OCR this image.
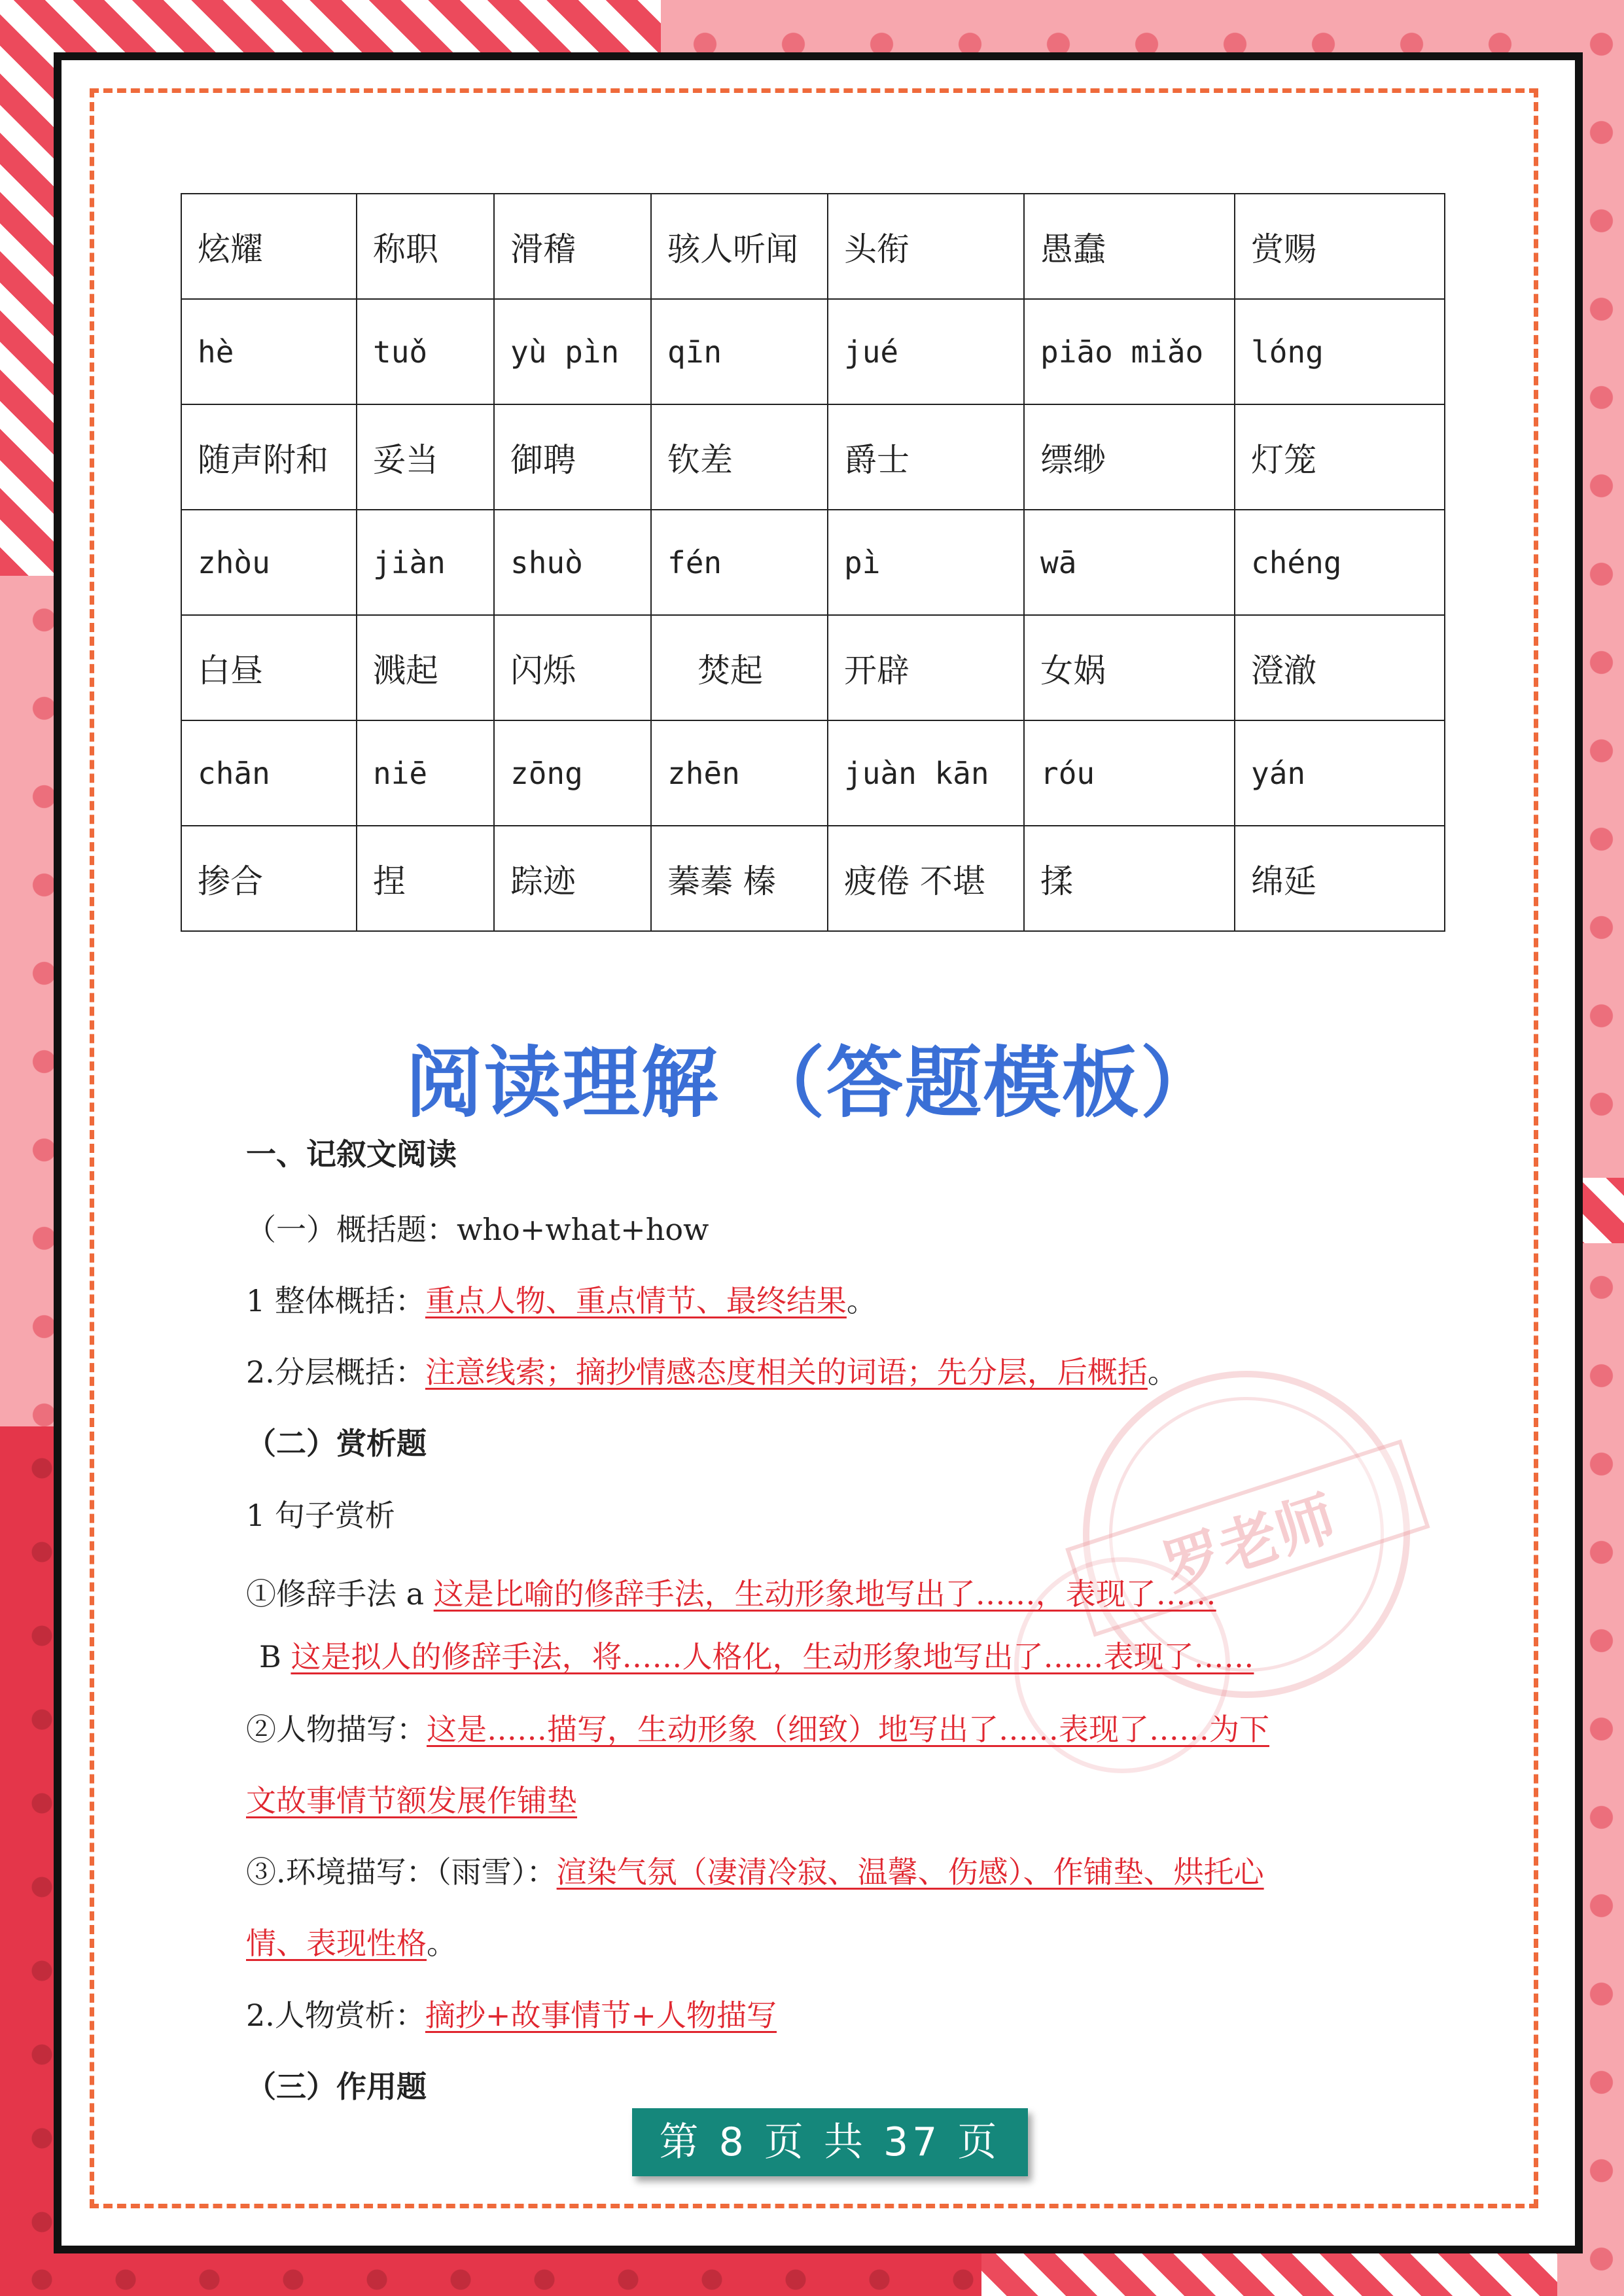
罗老师
炫耀	称职	滑稽	骇人听闻	头衔	愚蠢	赏赐
hè	tuǒ	yù pìn	qīn	jué	piāo miǎo	lóng
随声附和	妥当	御聘	钦差	爵士	缥缈	灯笼
zhòu	jiàn	shuò	fén	pì	wā	chéng
白昼	溅起	闪烁	焚起	开辟	女娲	澄澈
chān	niē	zōng	zhēn	juàn kān	róu	yán
掺合	捏	踪迹	蓁蓁 榛	疲倦 不堪	揉	绵延
阅读理解 （答题模板）
一、记叙文阅读
（一）概括题：who+what+how
1 整体概括：重点人物、重点情节、最终结果。
2.分层概括：注意线索；摘抄情感态度相关的词语；先分层，后概括。
（二）赏析题
1 句子赏析
①修辞手法 a 这是比喻的修辞手法，生动形象地写出了……，表现了……
B 这是拟人的修辞手法，将……人格化，生动形象地写出了……表现了……
②人物描写：这是……描写，生动形象（细致）地写出了……表现了……为下
文故事情节额发展作铺垫
③.环境描写：（雨雪）：渲染气氛（凄清冷寂、温馨、伤感）、作铺垫、烘托心
情、表现性格。
2.人物赏析：摘抄+故事情节+人物描写
（三）作用题
第 8 页 共 37 页
